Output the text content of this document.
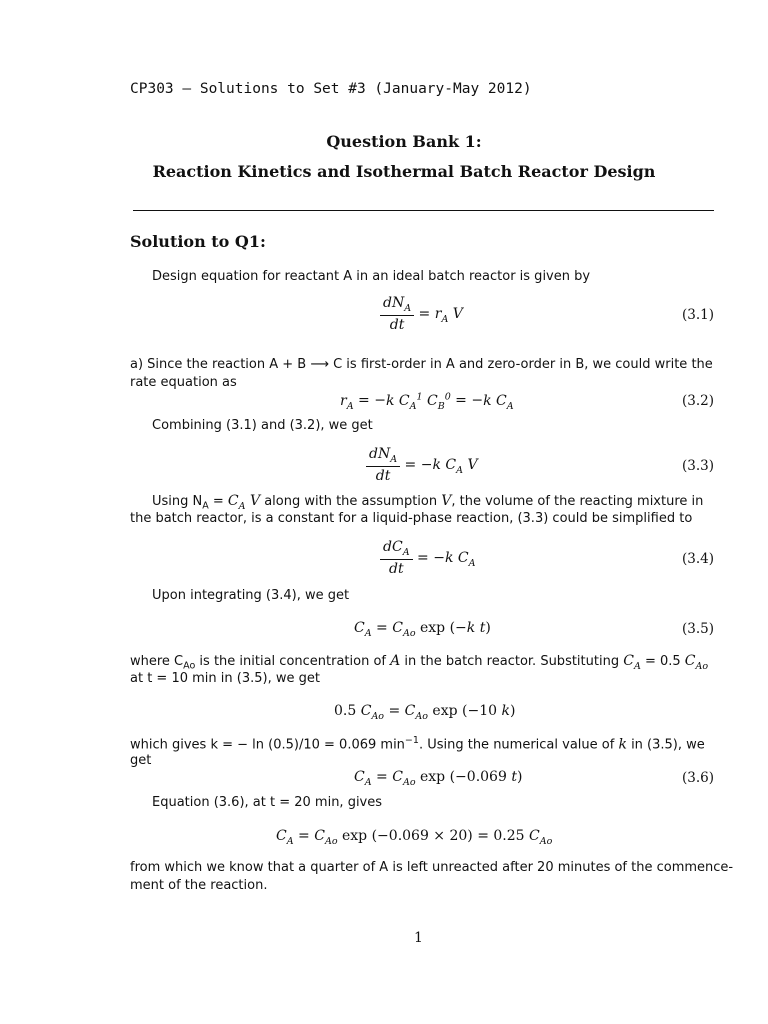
CP303 — Solutions to Set #3 (January-May 2012)
Question Bank 1:
Reaction Kinetics and Isothermal Batch Reactor Design
Solution to Q1:
Design equation for reactant A in an ideal batch reactor is given by
$\frac{dN_A}{dt} = r_A$ V	(3.1)
a) Since the reaction A + B ⟶ C is first-order in A and zero-order in B, we could write the
rate equation as
$r_A = -k$ $C_A^1$ $C_B^0 = -k$ $C_A$	(3.2)
Combining (3.1) and (3.2), we get
$\frac{dN_A}{dt} = -k$ $C_A$ V	(3.3)
Using $N_A = C_A$ V along with the assumption V, the volume of the reacting mixture in
the batch reactor, is a constant for a liquid-phase reaction, (3.3) could be simplified to
$\frac{dC_A}{dt} = -k$ $C_A$	(3.4)
Upon integrating (3.4), we get
$C_A = C_{Ao}$ exp (−k t)	(3.5)
where $C_{Ao}$ is the initial concentration of A in the batch reactor. Substituting $C_A = 0.5$ $C_{Ao}$
at t = 10 min in (3.5), we get
0.5 $C_{Ao} = C_{Ao}$ exp (−10 k)
which gives k = − ln (0.5)/10 = 0.069 $\min^{-1}$. Using the numerical value of k in (3.5), we
get
$C_A = C_{Ao}$ exp (−0.069 t)	(3.6)
Equation (3.6), at t = 20 min, gives
$C_A = C_{Ao}$ exp (−0.069 × 20) = 0.25 $C_{Ao}$
from which we know that a quarter of A is left unreacted after 20 minutes of the commence-
ment of the reaction.
1
